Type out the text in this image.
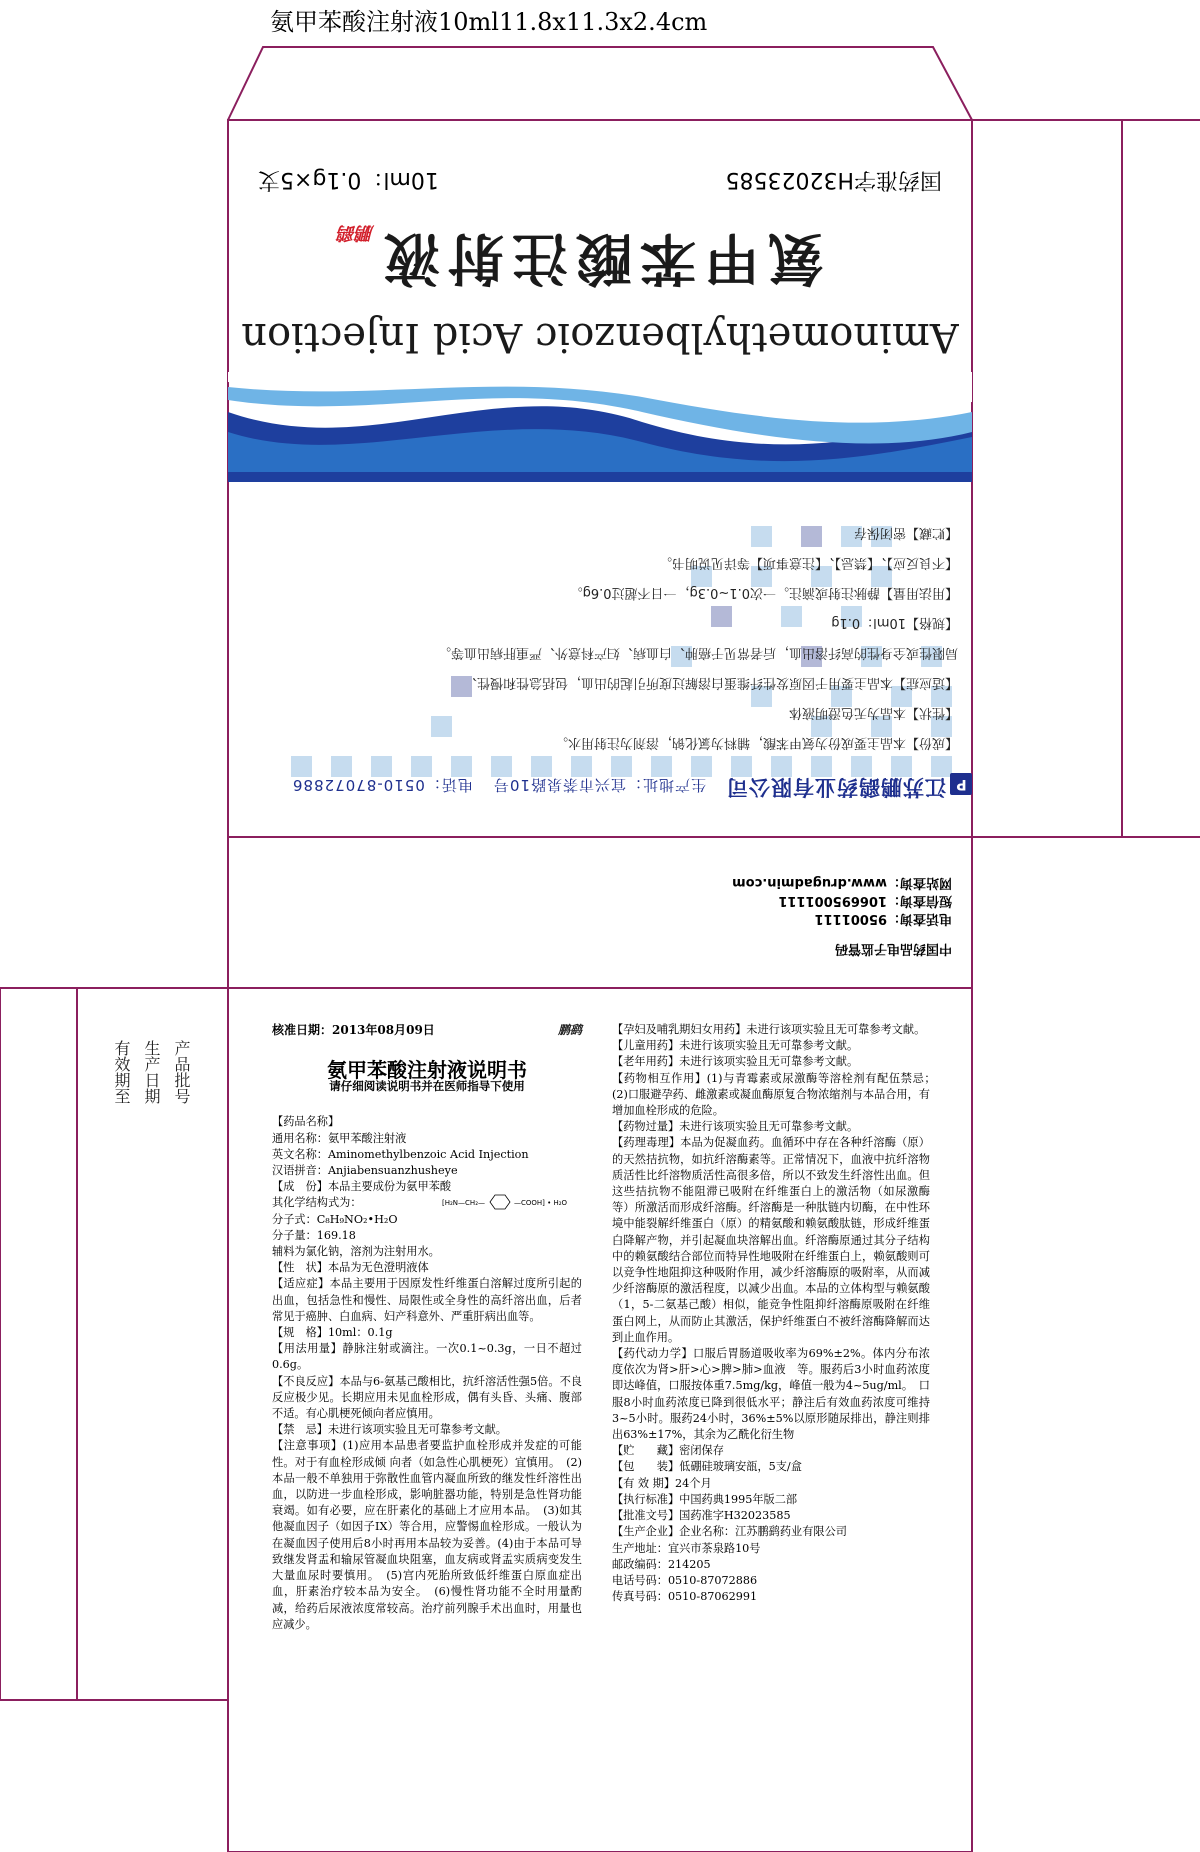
氨甲苯酸注射液10ml11.8x11.3x2.4cm
P江苏鹏鹞药业有限公司生产地址：宜兴市荼泉路10号电话：0510-87072886
【成份】本品主要成份为氨甲苯酸，辅料为氯化钠，溶剂为注射用水。
【性状】本品为无色澄明液体
【适应症】本品主要用于因原发性纤维蛋白溶解过度所引起的出血，包括急性和慢性、
局限性或全身性的高纤溶出血，后者常见于癌肿、白血病、妇产科意外、严重肝病出血等。
【规格】10ml：0.1g
【用法用量】静脉注射或滴注。一次0.1~0.3g，一日不超过0.6g。
【不良反应】、【禁忌】、【注意事项】等详见说明书。
【贮藏】密闭保存
Aminomethylbenzoic Acid Injection
氨甲苯酸注射液
鹏鹞
国药准字H32023585
10ml：0.1g×5支
中国药品电子监管码
电话查询：95001111
短信查询：106695001111
网站查询：www.drugadmin.com
产品批号
生产日期
有效期至
核准日期：2013年08月09日	鹏鹞
氨甲苯酸注射液说明书
请仔细阅读说明书并在医师指导下使用

【药品名称】

通用名称：氨甲苯酸注射液

英文名称：Aminomethylbenzoic Acid Injection

汉语拼音：Anjiabensuanzhusheye

【成　份】本品主要成份为氨甲苯酸

其化学结构式为：	[H₂N—CH₂—	—COOH] • H₂O

分子式：C₈H₉NO₂•H₂O

分子量：169.18

辅料为氯化钠，溶剂为注射用水。

【性　状】本品为无色澄明液体

【适应症】本品主要用于因原发性纤维蛋白溶解过度所引起的出血，包括急性和慢性、局限性或全身性的高纤溶出血，后者常见于癌肿、白血病、妇产科意外、严重肝病出血等。

【规　格】10ml：0.1g

【用法用量】静脉注射或滴注。一次0.1~0.3g，一日不超过0.6g。

【不良反应】本品与6-氨基己酸相比，抗纤溶活性强5倍。不良反应极少见。长期应用未见血栓形成，偶有头昏、头痛、腹部不适。有心肌梗死倾向者应慎用。

【禁　忌】未进行该项实验且无可靠参考文献。

【注意事项】(1)应用本品患者要监护血栓形成并发症的可能性。对于有血栓形成倾 向者（如急性心肌梗死）宜慎用。　(2)本品一般不单独用于弥散性血管内凝血所致的继发性纤溶性出血，以防进一步血栓形成，影响脏器功能，特别是急性肾功能衰竭。如有必要，应在肝素化的基础上才应用本品。　(3)如其他凝血因子（如因子IX）等合用，应警惕血栓形成。一般认为在凝血因子使用后8小时再用本品较为妥善。(4)由于本品可导致继发肾盂和输尿管凝血块阻塞，血友病或肾盂实质病变发生大量血尿时要慎用。　(5)宫内死胎所致低纤维蛋白原血症出血，肝素治疗较本品为安全。　(6)慢性肾功能不全时用量酌减，给药后尿液浓度常较高。治疗前列腺手术出血时，用量也应减少。

【孕妇及哺乳期妇女用药】未进行该项实验且无可靠参考文献。

【儿童用药】未进行该项实验且无可靠参考文献。

【老年用药】未进行该项实验且无可靠参考文献。

【药物相互作用】(1)与青霉素或尿激酶等溶栓剂有配伍禁忌；　(2)口服避孕药、雌激素或凝血酶原复合物浓缩剂与本品合用，有增加血栓形成的危险。

【药物过量】未进行该项实验且无可靠参考文献。

【药理毒理】本品为促凝血药。血循环中存在各种纤溶酶（原）的天然拮抗物，如抗纤溶酶素等。正常情况下，血液中抗纤溶物质活性比纤溶物质活性高很多倍，所以不致发生纤溶性出血。但这些拮抗物不能阻滞已吸附在纤维蛋白上的激活物（如尿激酶等）所激活而形成纤溶酶。纤溶酶是一种肽链内切酶，在中性环境中能裂解纤维蛋白（原）的精氨酸和赖氨酸肽链，形成纤维蛋白降解产物，并引起凝血块溶解出血。纤溶酶原通过其分子结构中的赖氨酸结合部位而特异性地吸附在纤维蛋白上，赖氨酸则可以竞争性地阻抑这种吸附作用，减少纤溶酶原的吸附率，从而减少纤溶酶原的激活程度，以减少出血。本品的立体构型与赖氨酸（1，5-二氨基己酸）相似，能竞争性阻抑纤溶酶原吸附在纤维蛋白网上，从而防止其激活，保护纤维蛋白不被纤溶酶降解而达到止血作用。

【药代动力学】口服后胃肠道吸收率为69%±2%。体内分布浓度依次为肾>肝>心>脾>肺>血液　等。服药后3小时血药浓度即达峰值，口服按体重7.5mg/kg，峰值一般为4~5ug/ml。　口服8小时血药浓度已降到很低水平；静注后有效血药浓度可维持3~5小时。服药24小时，36%±5%以原形随尿排出，静注则排出63%±17%，其余为乙酰化衍生物

【贮　　藏】密闭保存

【包　　装】低硼硅玻璃安瓿，5支/盒

【有 效 期】24个月

【执行标准】中国药典1995年版二部

【批准文号】国药准字H32023585

【生产企业】企业名称：江苏鹏鹞药业有限公司

生产地址：宜兴市茶泉路10号

邮政编码：214205

电话号码：0510-87072886

传真号码：0510-87062991
